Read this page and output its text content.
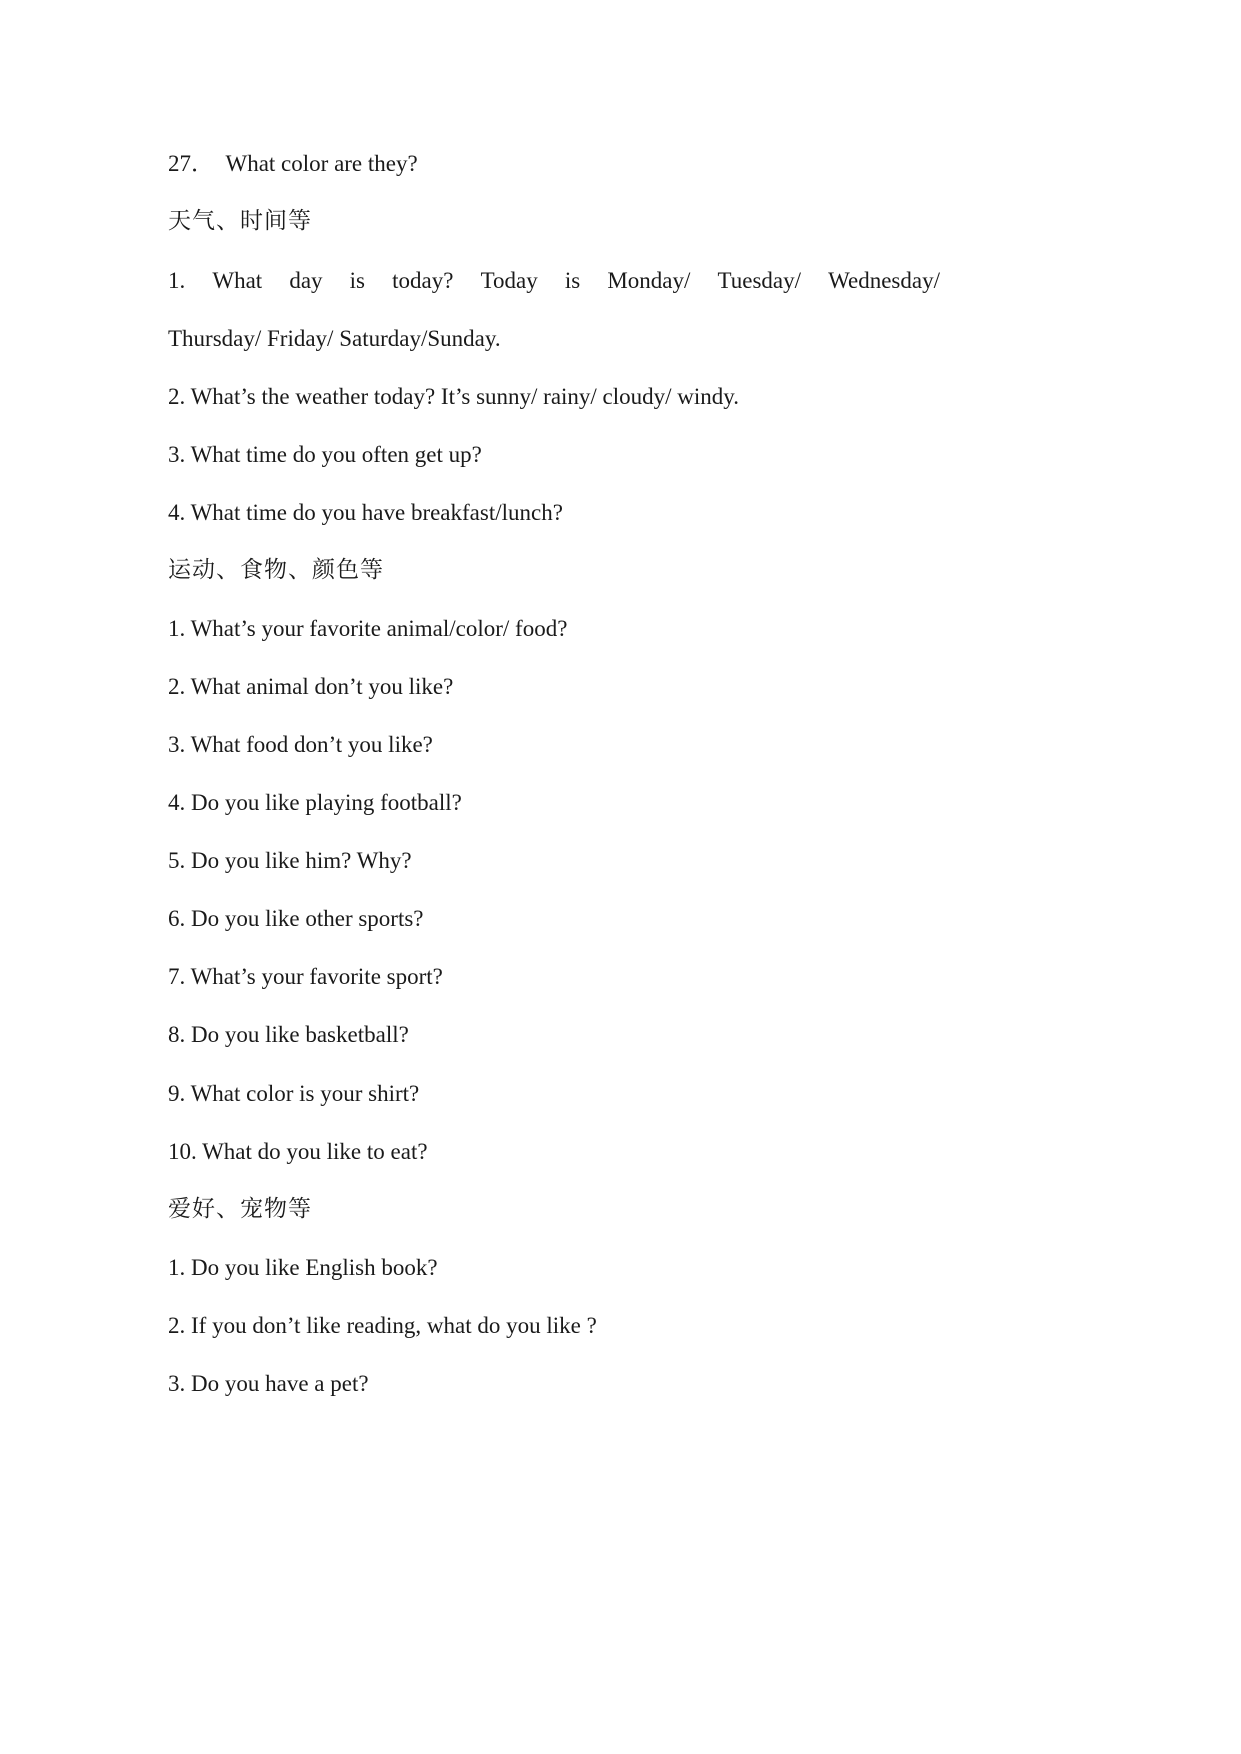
27．　What color are they?
天气、时间等
1. What day is today? Today is Monday/ Tuesday/ Wednesday/
Thursday/ Friday/ Saturday/Sunday.
2. What’s the weather today? It’s sunny/ rainy/ cloudy/ windy.
3. What time do you often get up?
4. What time do you have breakfast/lunch?
运动、食物、颜色等
1. What’s your favorite animal/color/ food?
2. What animal don’t you like?
3. What food don’t you like?
4. Do you like playing football?
5. Do you like him? Why?
6. Do you like other sports?
7. What’s your favorite sport?
8. Do you like basketball?
9. What color is your shirt?
10. What do you like to eat?
爱好、宠物等
1. Do you like English book?
2. If you don’t like reading, what do you like ?
3. Do you have a pet?
